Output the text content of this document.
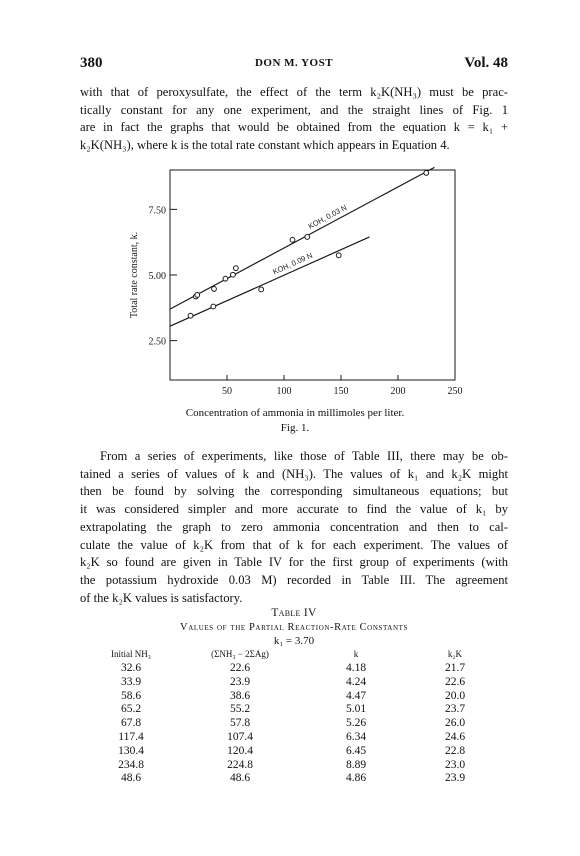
380	DON M. YOST	Vol. 48

with that of peroxysulfate, the effect of the term k₂K(NH₃) must be prac-
tically constant for any one experiment, and the straight lines of Fig. 1
are in fact the graphs that would be obtained from the equation k = k₁ +
k₂K(NH₃), where k is the total rate constant which appears in Equation 4.

50	100	150	200	250
2.50
5.00
7.50
Total rate constant, k.
KOH, 0.03 N
KOH, 0.09 N
Concentration of ammonia in millimoles per liter.
Fig. 1.

From a series of experiments, like those of Table III, there may be ob-
tained a series of values of k and (NH₃). The values of k₁ and k₂K might
then be found by solving the corresponding simultaneous equations; but
it was considered simpler and more accurate to find the value of k₁ by
extrapolating the graph to zero ammonia concentration and then to cal-
culate the value of k₂K from that of k for each experiment. The values of
k₂K so found are given in Table IV for the first group of experiments (with
the potassium hydroxide 0.03 M) recorded in Table III. The agreement
of the k₂K values is satisfactory.

Table IV
Values of the Partial Reaction-Rate Constants
k₁ = 3.70
Initial NH₃	(ΣNH₃ − 2ΣAg)	k	k₂K
32.6	22.6	4.18	21.7
33.9	23.9	4.24	22.6
58.6	38.6	4.47	20.0
65.2	55.2	5.01	23.7
67.8	57.8	5.26	26.0
117.4	107.4	6.34	24.6
130.4	120.4	6.45	22.8
234.8	224.8	8.89	23.0
48.6	48.6	4.86	23.9
